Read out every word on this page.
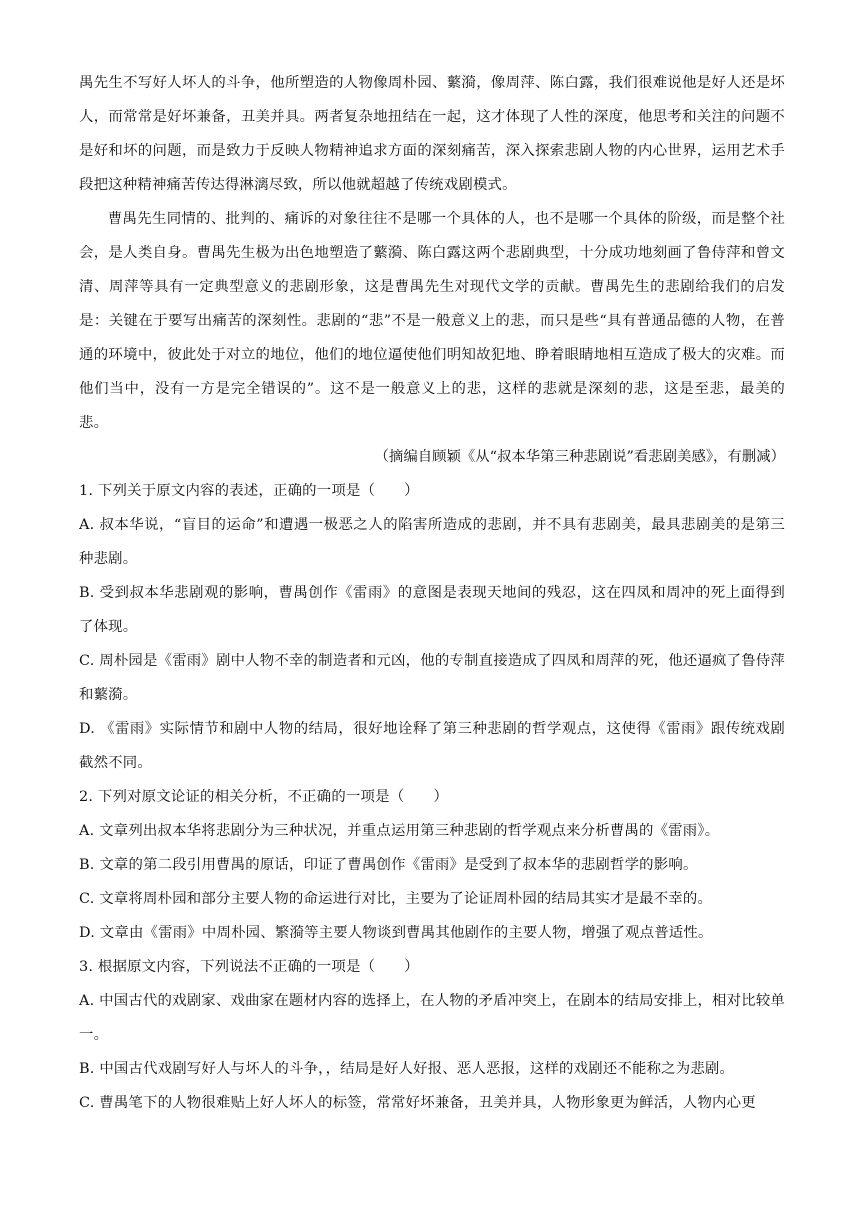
禺先生不写好人坏人的斗争，他所塑造的人物像周朴园、蘩漪，像周萍、陈白露，我们很难说他是好人还是坏人，而常常是好坏兼备，丑美并具。两者复杂地扭结在一起，这才体现了人性的深度，他思考和关注的问题不是好和坏的问题，而是致力于反映人物精神追求方面的深刻痛苦，深入探索悲剧人物的内心世界，运用艺术手段把这种精神痛苦传达得淋漓尽致，所以他就超越了传统戏剧模式。

曹禺先生同情的、批判的、痛诉的对象往往不是哪一个具体的人，也不是哪一个具体的阶级，而是整个社会，是人类自身。曹禺先生极为出色地塑造了蘩漪、陈白露这两个悲剧典型，十分成功地刻画了鲁侍萍和曾文清、周萍等具有一定典型意义的悲剧形象，这是曹禺先生对现代文学的贡献。曹禺先生的悲剧给我们的启发是：关键在于要写出痛苦的深刻性。悲剧的“悲”不是一般意义上的悲，而只是些“具有普通品德的人物，在普通的环境中，彼此处于对立的地位，他们的地位逼使他们明知故犯地、睁着眼睛地相互造成了极大的灾难。而他们当中，没有一方是完全错误的”。这不是一般意义上的悲，这样的悲就是深刻的悲，这是至悲，最美的悲。

（摘编自顾颖《从“叔本华第三种悲剧说”看悲剧美感》，有删减）

1. 下列关于原文内容的表述，正确的一项是（　　）

A. 叔本华说，“盲目的运命”和遭遇一极恶之人的陷害所造成的悲剧，并不具有悲剧美，最具悲剧美的是第三种悲剧。

B. 受到叔本华悲剧观的影响，曹禺创作《雷雨》的意图是表现天地间的残忍，这在四凤和周冲的死上面得到了体现。

C. 周朴园是《雷雨》剧中人物不幸的制造者和元凶，他的专制直接造成了四凤和周萍的死，他还逼疯了鲁侍萍和蘩漪。

D. 《雷雨》实际情节和剧中人物的结局，很好地诠释了第三种悲剧的哲学观点，这使得《雷雨》跟传统戏剧截然不同。

2. 下列对原文论证的相关分析，不正确的一项是（　　）

A. 文章列出叔本华将悲剧分为三种状况，并重点运用第三种悲剧的哲学观点来分析曹禺的《雷雨》。

B. 文章的第二段引用曹禺的原话，印证了曹禺创作《雷雨》是受到了叔本华的悲剧哲学的影响。

C. 文章将周朴园和部分主要人物的命运进行对比，主要为了论证周朴园的结局其实才是最不幸的。

D. 文章由《雷雨》中周朴园、繁漪等主要人物谈到曹禺其他剧作的主要人物，增强了观点普适性。

3. 根据原文内容，下列说法不正确的一项是（　　）

A. 中国古代的戏剧家、戏曲家在题材内容的选择上，在人物的矛盾冲突上，在剧本的结局安排上，相对比较单一。

B. 中国古代戏剧写好人与坏人的斗争，，结局是好人好报、恶人恶报，这样的戏剧还不能称之为悲剧。

C. 曹禺笔下的人物很难贴上好人坏人的标签，常常好坏兼备，丑美并具，人物形象更为鲜活，人物内心更
